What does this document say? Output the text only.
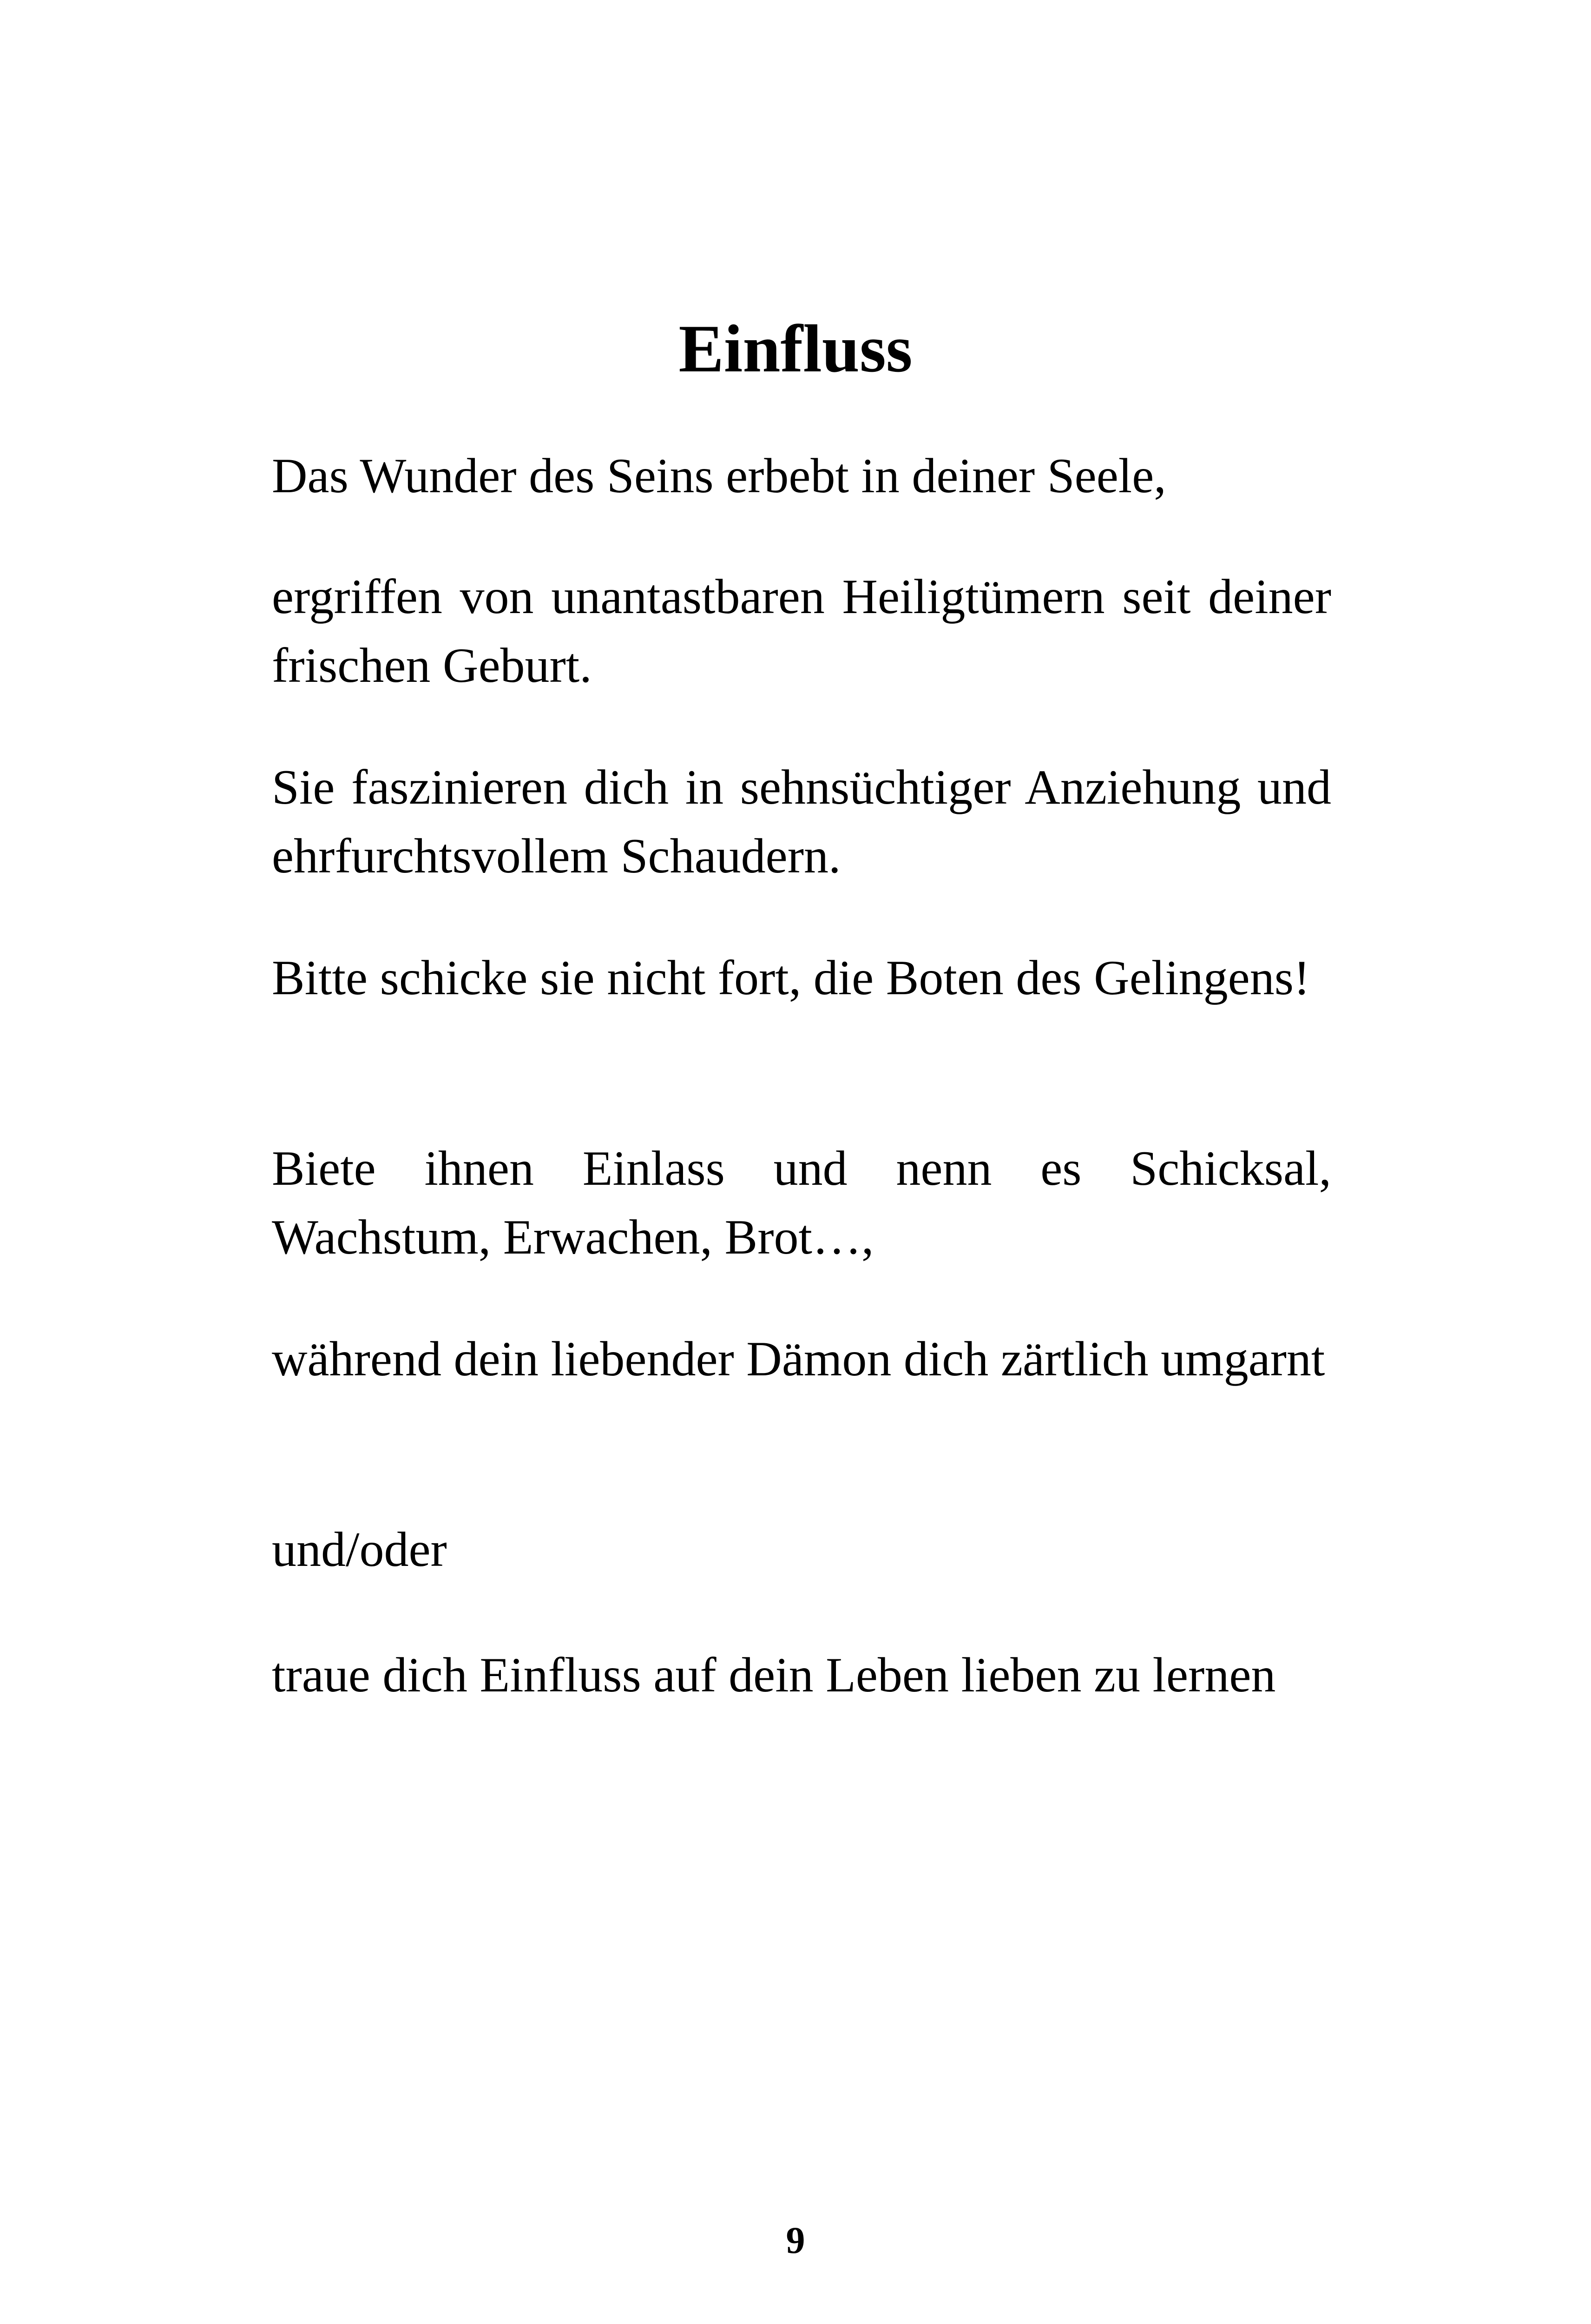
Einfluss

Das Wunder des Seins erbebt in deiner Seele,

ergriffen von unantastbaren Heiligtümern seit deiner frischen Geburt.

Sie faszinieren dich in sehnsüchtiger Anziehung und ehrfurchtsvollem Schaudern.

Bitte schicke sie nicht fort, die Boten des Gelingens!

Biete ihnen Einlass und nenn es Schicksal, Wachstum, Erwachen, Brot…,

während dein liebender Dämon dich zärtlich umgarnt

und/oder

traue dich Einfluss auf dein Leben lieben zu lernen

9
